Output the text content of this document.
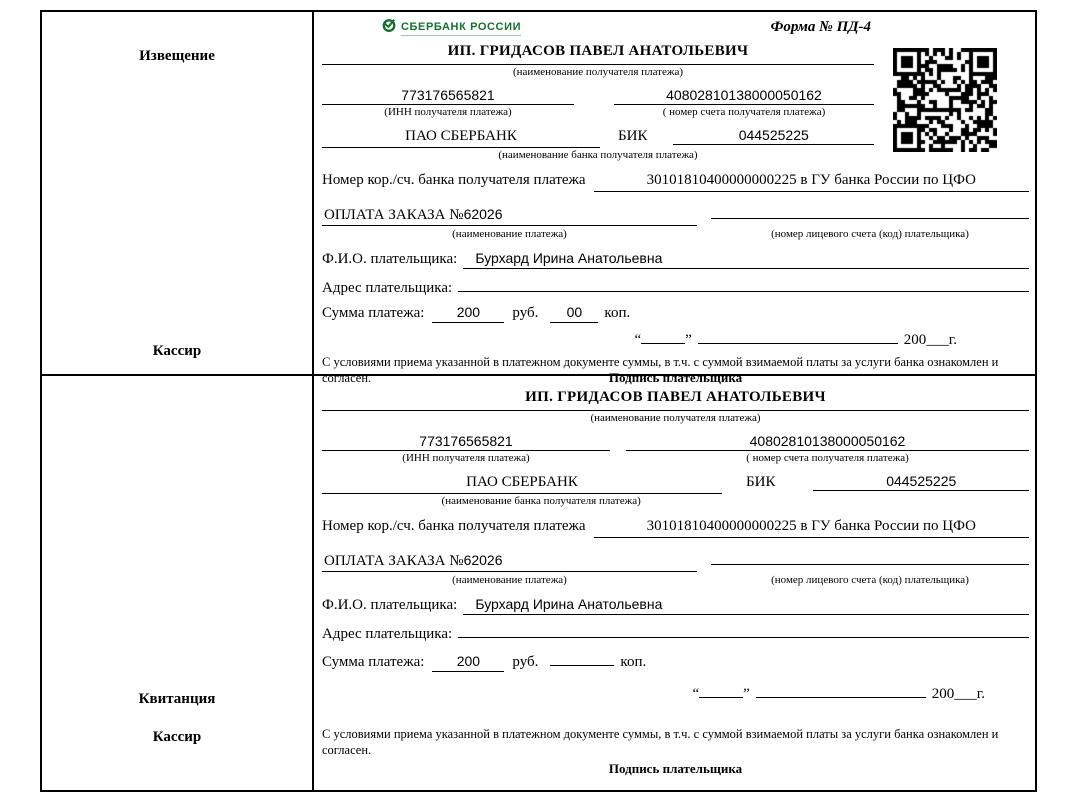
Извещение
Кассир
СБЕРБАНК РОССИИ	Форма № ПД-4
ИП. ГРИДАСОВ ПАВЕЛ АНАТОЛЬЕВИЧ
(наименование получателя платежа)
773176565821	40802810138000050162
(ИНН получателя платежа)	( номер счета получателя платежа)
ПАО СБЕРБАНК	БИК	044525225
(наименование банка получателя платежа)
Номер кор./сч. банка получателя платежа	30101810400000000225 в ГУ банка России по ЦФО
ОПЛАТА ЗАКАЗА №62026
(наименование платежа)	(номер лицевого счета (код) плательщика)
Ф.И.О. плательщика:	Бурхард Ирина Анатольевна
Адрес плательщика:
Сумма платежа:	200	руб.	00	коп.
“	”	200___г.
С условиями приема указанной в платежном документе суммы, в т.ч. с суммой взимаемой платы за услуги банка ознакомлен и согласен.	Подпись плательщика
Квитанция
Кассир
ИП. ГРИДАСОВ ПАВЕЛ АНАТОЛЬЕВИЧ
(наименование получателя платежа)
773176565821	40802810138000050162
(ИНН получателя платежа)	( номер счета получателя платежа)
ПАО СБЕРБАНК	БИК	044525225
(наименование банка получателя платежа)
Номер кор./сч. банка получателя платежа	30101810400000000225 в ГУ банка России по ЦФО
ОПЛАТА ЗАКАЗА №62026
(наименование платежа)	(номер лицевого счета (код) плательщика)
Ф.И.О. плательщика:	Бурхард Ирина Анатольевна
Адрес плательщика:
Сумма платежа:	200	руб.	коп.
“	”	200___г.
С условиями приема указанной в платежном документе суммы, в т.ч. с суммой взимаемой платы за услуги банка ознакомлен и согласен.
Подпись плательщика
